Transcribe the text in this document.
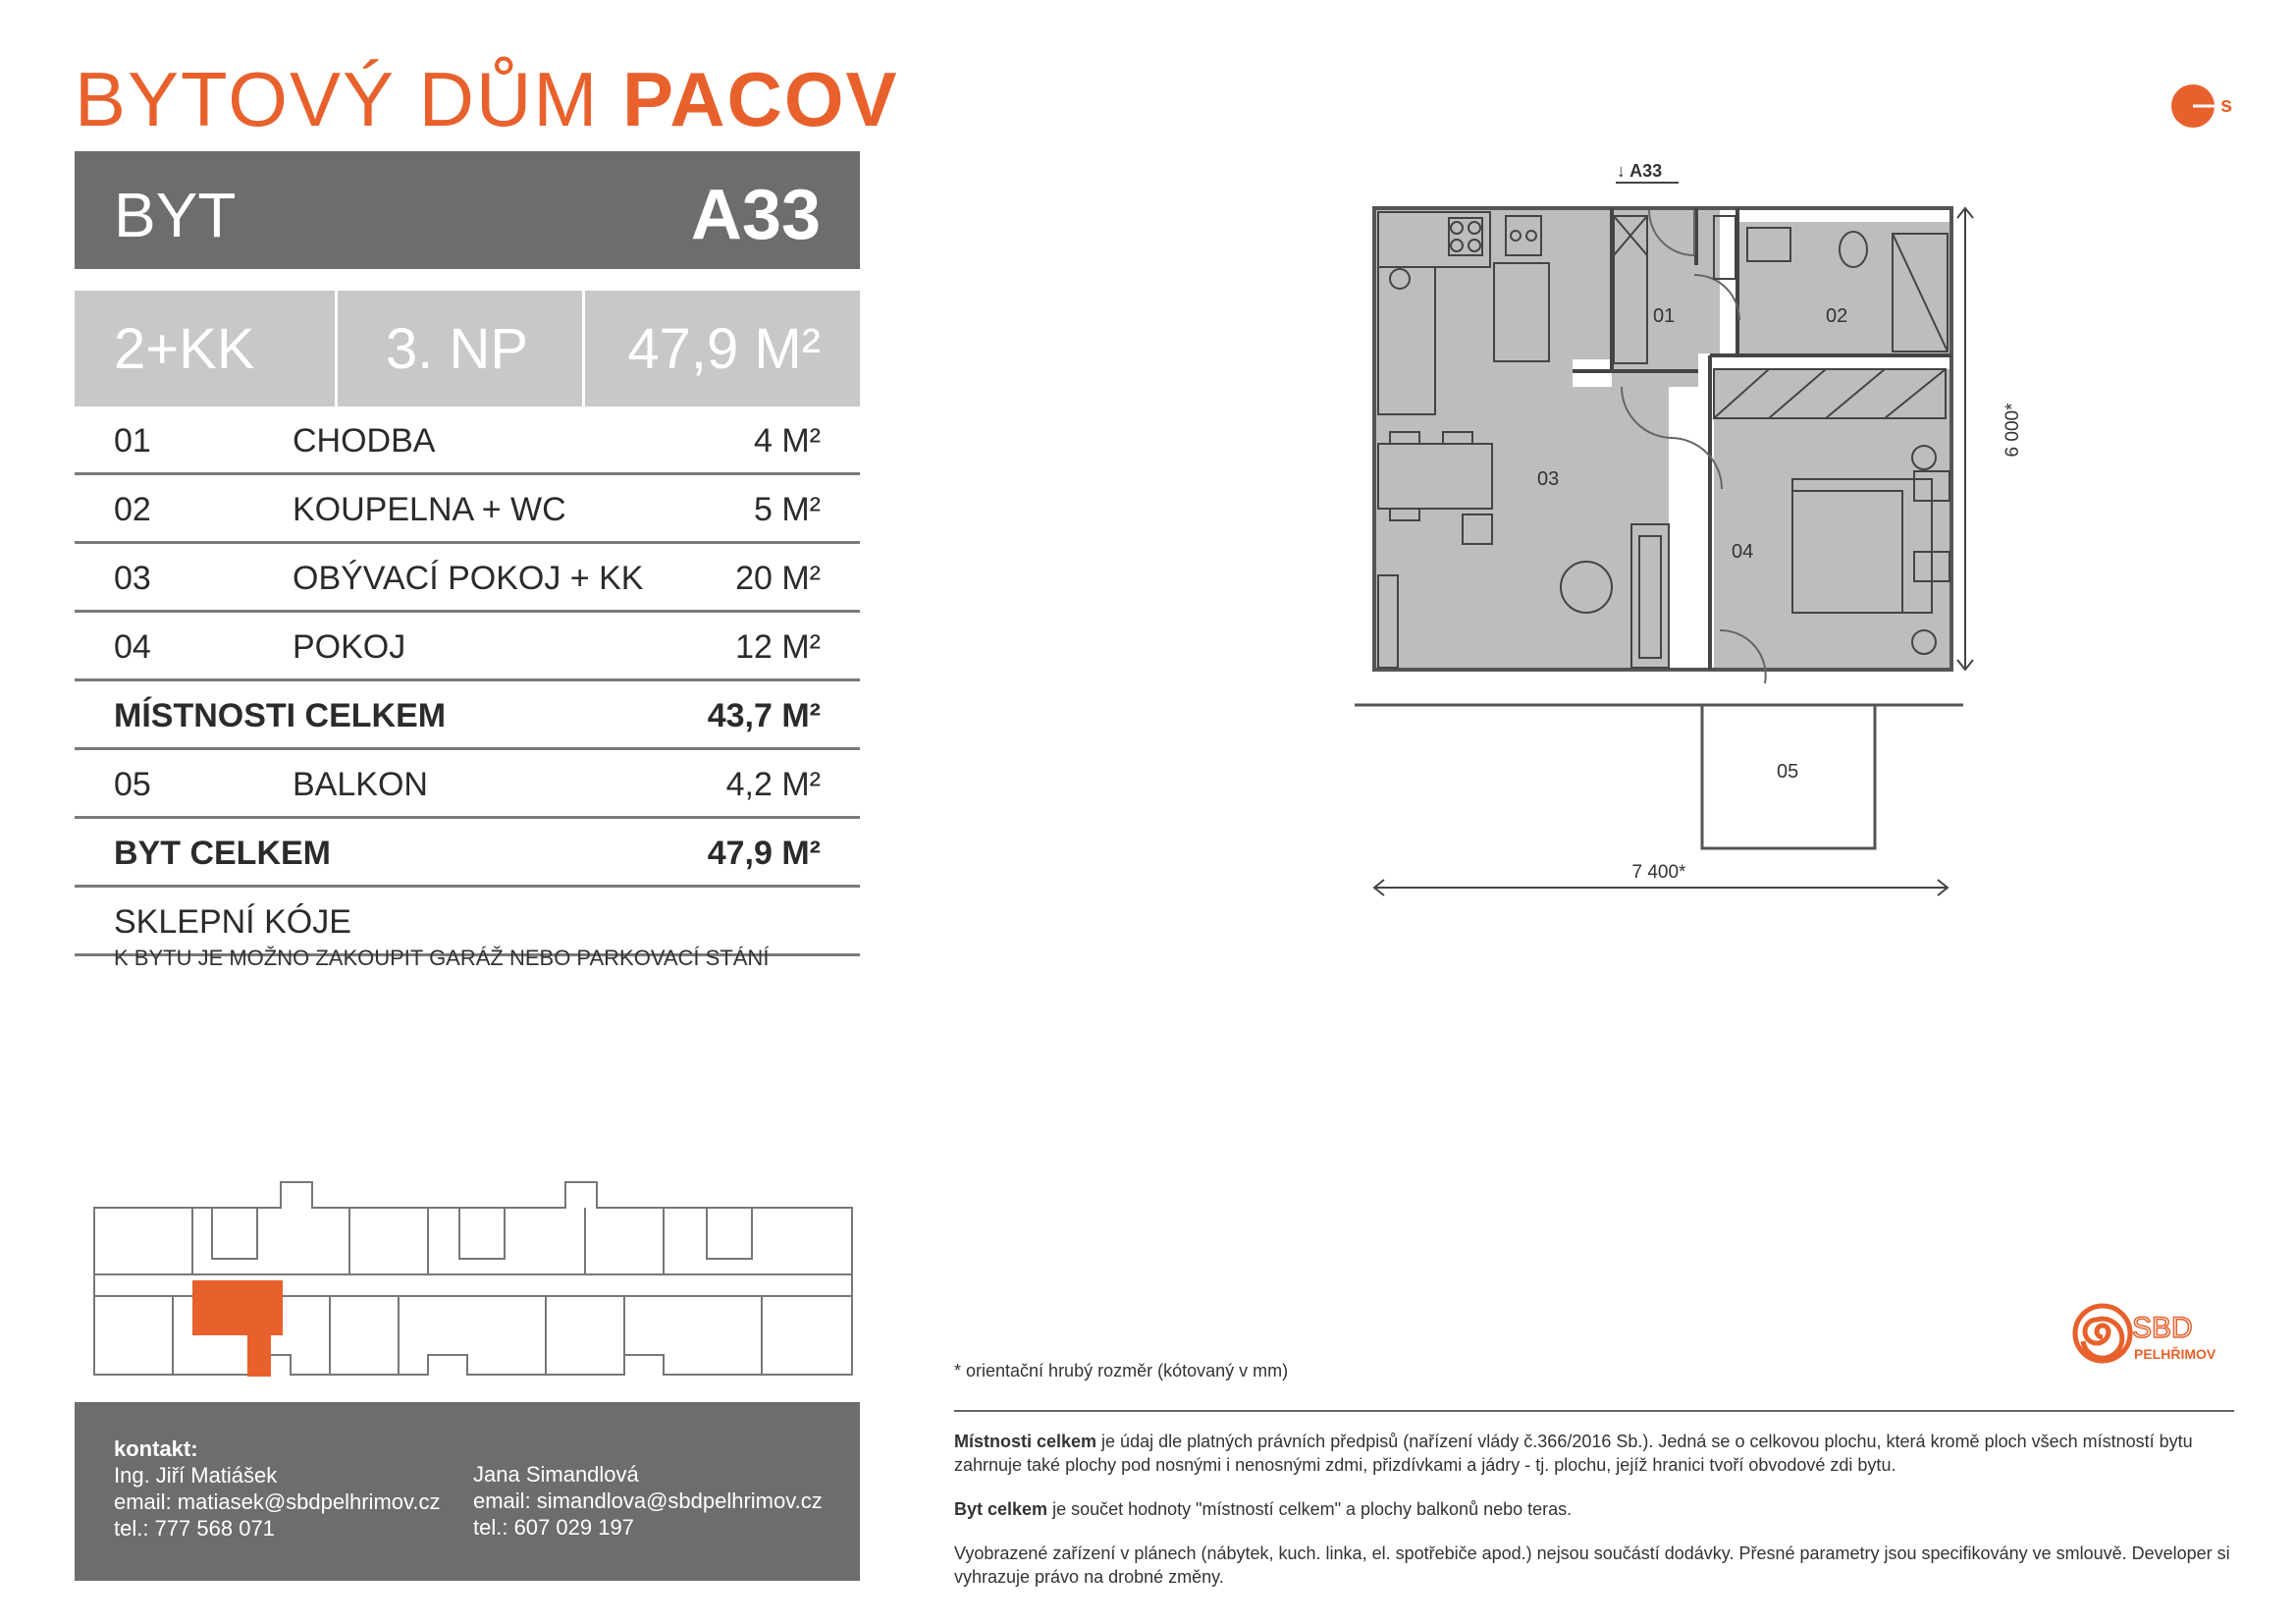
BYTOVÝ DŮM PACOV
BYT	A33
2+KK 3. NP 47,9 M²
01	CHODBA	4 M²
02	KOUPELNA + WC	5 M²
03	OBÝVACÍ POKOJ + KK	20 M²
04	POKOJ	12 M²
MÍSTNOSTI CELKEM	43,7 M²
05	BALKON	4,2 M²
BYT CELKEM	47,9 M²
SKLEPNÍ KÓJE
K BYTU JE MOŽNO ZAKOUPIT GARÁŽ NEBO PARKOVACÍ STÁNÍ
↓ A33
01	02
03
04
05
7 400*
6 000*
kontakt:
Ing. Jiří Matiášek
email: matiasek@sbdpelhrimov.cz
tel.: 777 568 071
Jana Simandlová
email: simandlova@sbdpelhrimov.cz
tel.: 607 029 197
* orientační hrubý rozměr (kótovaný v mm)

Místnosti celkem je údaj dle platných právních předpisů (nařízení vlády č.366/2016 Sb.). Jedná se o celkovou plochu, která kromě ploch všech místností bytu zahrnuje také plochy pod nosnými i nenosnými zdmi, přizdívkami a jádry - tj. plochu, jejíž hranici tvoří obvodové zdi bytu.

Byt celkem je součet hodnoty "místností celkem" a plochy balkonů nebo teras.

Vyobrazené zařízení v plánech (nábytek, kuch. linka, el. spotřebiče apod.) nejsou součástí dodávky. Přesné parametry jsou specifikovány ve smlouvě. Developer si vyhrazuje právo na drobné změny.

s
SBD
PELHŘIMOV
